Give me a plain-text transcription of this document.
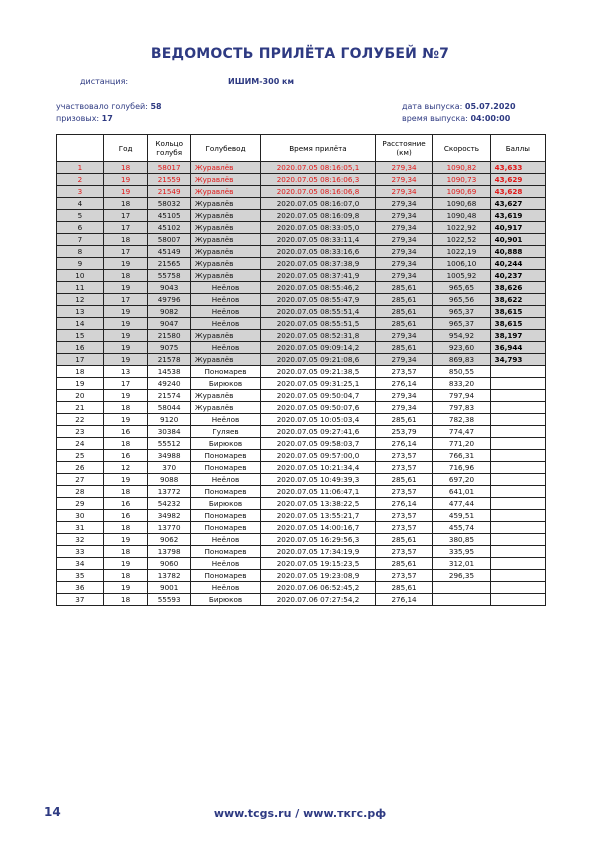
ВЕДОМОСТЬ ПРИЛЁТА ГОЛУБЕЙ №7
дистанция:	ИШИМ-300 км
участвовало голубей: 58
призовых: 17
дата выпуска: 05.07.2020
время выпуска: 04:00:00
	Год	Кольцо голубя	Голубевод	Время прилёта	Расстояние (км)	Скорость	Баллы
1	18	58017	Журавлёв	2020.07.05 08:16:05,1	279,34	1090,82	43,633
2	19	21559	Журавлёв	2020.07.05 08:16:06,3	279,34	1090,73	43,629
3	19	21549	Журавлёв	2020.07.05 08:16:06,8	279,34	1090,69	43,628
4	18	58032	Журавлёв	2020.07.05 08:16:07,0	279,34	1090,68	43,627
5	17	45105	Журавлёв	2020.07.05 08:16:09,8	279,34	1090,48	43,619
6	17	45102	Журавлёв	2020.07.05 08:33:05,0	279,34	1022,92	40,917
7	18	58007	Журавлёв	2020.07.05 08:33:11,4	279,34	1022,52	40,901
8	17	45149	Журавлёв	2020.07.05 08:33:16,6	279,34	1022,19	40,888
9	19	21565	Журавлёв	2020.07.05 08:37:38,9	279,34	1006,10	40,244
10	18	55758	Журавлёв	2020.07.05 08:37:41,9	279,34	1005,92	40,237
11	19	9043	Неёлов	2020.07.05 08:55:46,2	285,61	965,65	38,626
12	17	49796	Неёлов	2020.07.05 08:55:47,9	285,61	965,56	38,622
13	19	9082	Неёлов	2020.07.05 08:55:51,4	285,61	965,37	38,615
14	19	9047	Неёлов	2020.07.05 08:55:51,5	285,61	965,37	38,615
15	19	21580	Журавлёв	2020.07.05 08:52:31,8	279,34	954,92	38,197
16	19	9075	Неёлов	2020.07.05 09:09:14,2	285,61	923,60	36,944
17	19	21578	Журавлёв	2020.07.05 09:21:08,6	279,34	869,83	34,793
18	13	14538	Пономарев	2020.07.05 09:21:38,5	273,57	850,55	
19	17	49240	Бирюков	2020.07.05 09:31:25,1	276,14	833,20	
20	19	21574	Журавлёв	2020.07.05 09:50:04,7	279,34	797,94	
21	18	58044	Журавлёв	2020.07.05 09:50:07,6	279,34	797,83	
22	19	9120	Неёлов	2020.07.05 10:05:03,4	285,61	782,38	
23	16	30384	Гуляев	2020.07.05 09:27:41,6	253,79	774,47	
24	18	55512	Бирюков	2020.07.05 09:58:03,7	276,14	771,20	
25	16	34988	Пономарев	2020.07.05 09:57:00,0	273,57	766,31	
26	12	370	Пономарев	2020.07.05 10:21:34,4	273,57	716,96	
27	19	9088	Неёлов	2020.07.05 10:49:39,3	285,61	697,20	
28	18	13772	Пономарев	2020.07.05 11:06:47,1	273,57	641,01	
29	16	54232	Бирюков	2020.07.05 13:38:22,5	276,14	477,44	
30	16	34982	Пономарев	2020.07.05 13:55:21,7	273,57	459,51	
31	18	13770	Пономарев	2020.07.05 14:00:16,7	273,57	455,74	
32	19	9062	Неёлов	2020.07.05 16:29:56,3	285,61	380,85	
33	18	13798	Пономарев	2020.07.05 17:34:19,9	273,57	335,95	
34	19	9060	Неёлов	2020.07.05 19:15:23,5	285,61	312,01	
35	18	13782	Пономарев	2020.07.05 19:23:08,9	273,57	296,35	
36	19	9001	Неёлов	2020.07.06 06:52:45,2	285,61		
37	18	55593	Бирюков	2020.07.06 07:27:54,2	276,14		
14	www.tcgs.ru / www.ткгс.рф
